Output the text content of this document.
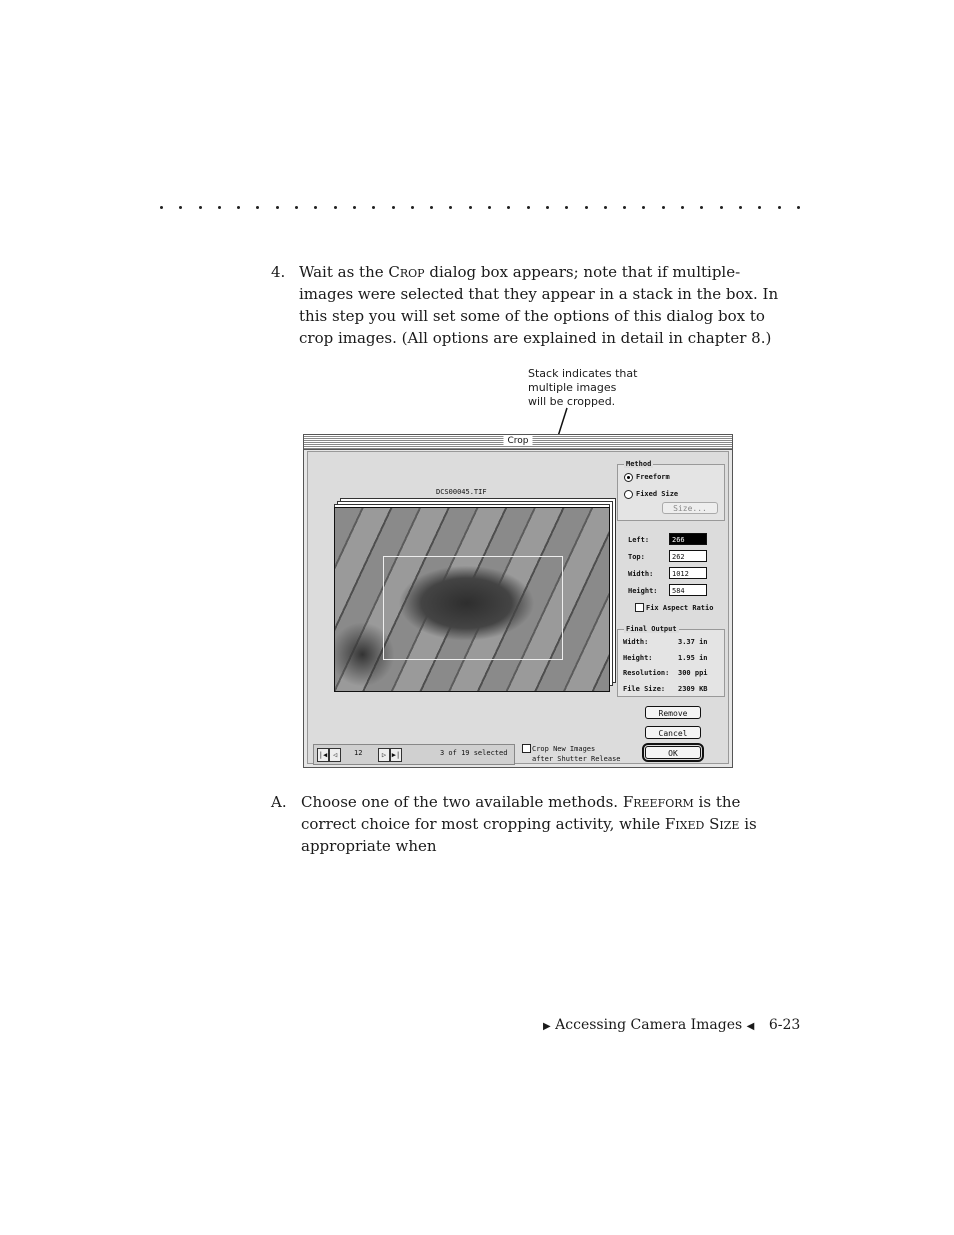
4. Wait as the Crop dialog box appears; note that if multiple-images were selected that they appear in a stack in the box. In this step you will set some of the options of this dialog box to crop images. (All options are explained in detail in chapter 8.)
Stack indicates that
multiple images
will be cropped.
Crop
DCS00045.TIF
Method
Freeform
Fixed Size
Size...
Left:	266
Top:	262
Width:	1012
Height:	584
Fix Aspect Ratio
Final Output
Width:	3.37 in
Height:	1.95 in
Resolution: 300 ppi
File Size: 2309 KB
Remove
Cancel
OK
|◀ ◁	12	▷ ▶|	3 of 19 selected	Crop New Images
after Shutter Release
A. Choose one of the two available methods. Freeform is the correct choice for most cropping activity, while Fixed Size is appropriate when
▶ Accessing Camera Images ◀ 6-23
